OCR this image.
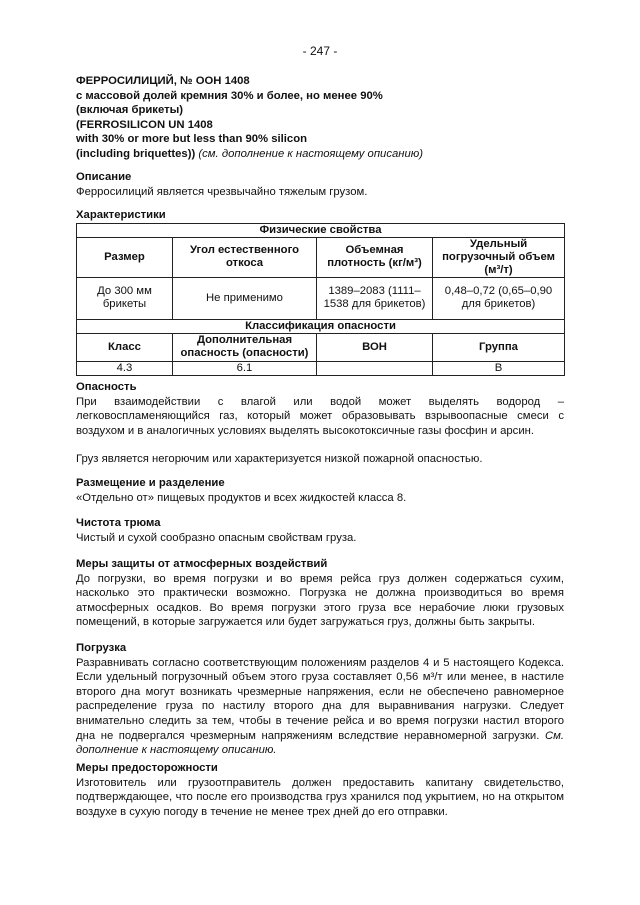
- 247 -
ФЕРРОСИЛИЦИЙ, № ООН 1408
с массовой долей кремния 30% и более, но менее 90%
(включая брикеты)
(FERROSILICON UN 1408
with 30% or more but less than 90% silicon
(including briquettes)) (см. дополнение к настоящему описанию)
Описание

Ферросилиций является чрезвычайно тяжелым грузом.

Характеристики
Физические свойства			
Размер	Угол естественного откоса	Объемная плотность (кг/м³)	Удельный погрузочный объем (м³/т)
До 300 мм брикеты	Не применимо	1389–2083 (1111–1538 для брикетов)	0,48–0,72 (0,65–0,90 для брикетов)
Классификация опасности			
Класс	Дополнительная опасность (опасности)	ВОН	Группа
4.3	6.1		B
Опасность

При взаимодействии с влагой или водой может выделять водород – легковоспламеняющийся газ, который может образовывать взрывоопасные смеси с воздухом и в аналогичных условиях выделять высокотоксичные газы фосфин и арсин.

Груз является негорючим или характеризуется низкой пожарной опасностью.

Размещение и разделение

«Отдельно от» пищевых продуктов и всех жидкостей класса 8.

Чистота трюма

Чистый и сухой сообразно опасным свойствам груза.

Меры защиты от атмосферных воздействий

До погрузки, во время погрузки и во время рейса груз должен содержаться сухим, насколько это практически возможно. Погрузка не должна производиться во время атмосферных осадков. Во время погрузки этого груза все нерабочие люки грузовых помещений, в которые загружается или будет загружаться груз, должны быть закрыты.

Погрузка

Разравнивать согласно соответствующим положениям разделов 4 и 5 настоящего Кодекса. Если удельный погрузочный объем этого груза составляет 0,56 м³/т или менее, в настиле второго дна могут возникать чрезмерные напряжения, если не обеспечено равномерное распределение груза по настилу второго дна для выравнивания нагрузки. Следует внимательно следить за тем, чтобы в течение рейса и во время погрузки настил второго дна не подвергался чрезмерным напряжениям вследствие неравномерной загрузки. См. дополнение к настоящему описанию.

Меры предосторожности

Изготовитель или грузоотправитель должен предоставить капитану свидетельство, подтверждающее, что после его производства груз хранился под укрытием, но на открытом воздухе в сухую погоду в течение не менее трех дней до его отправки.
